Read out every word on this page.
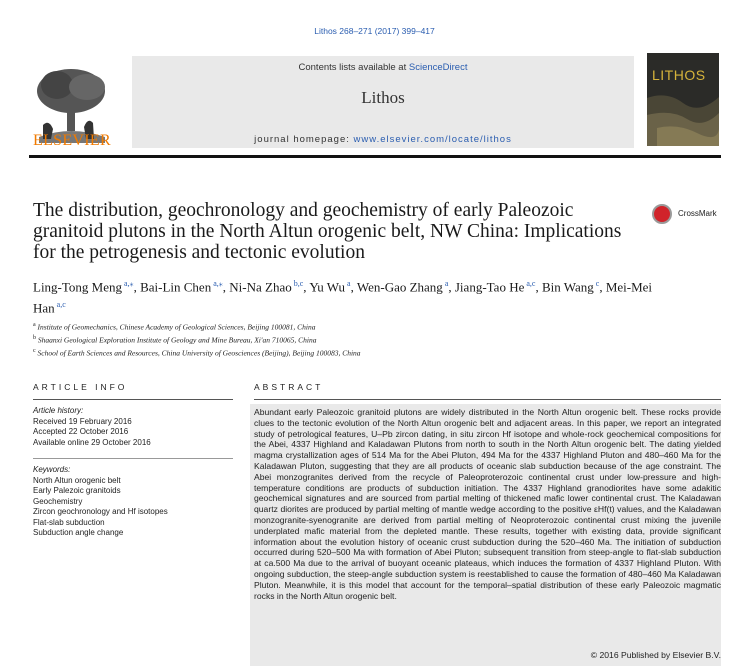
Lithos 268–271 (2017) 399–417
ELSEVIER
Contents lists available at ScienceDirect
Lithos
journal homepage: www.elsevier.com/locate/lithos
LITHOS
The distribution, geochronology and geochemistry of early Paleozoic granitoid plutons in the North Altun orogenic belt, NW China: Implications for the petrogenesis and tectonic evolution
CrossMark
Ling-Tong Meng $^{a,⁎}$, Bai-Lin Chen $^{a,⁎}$, Ni-Na Zhao $^{b,c}$, Yu Wu $^a$, Wen-Gao Zhang $^a$, Jiang-Tao He $^{a,c}$, Bin Wang $^c$, Mei-Mei Han $^{a,c}$
$^a$ Institute of Geomechanics, Chinese Academy of Geological Sciences, Beijing 100081, China
$^b$ Shaanxi Geological Exploration Institute of Geology and Mine Bureau, Xi'an 710065, China
$^c$ School of Earth Sciences and Resources, China University of Geosciences (Beijing), Beijing 100083, China
ARTICLE INFO	ABSTRACT
Article history:
Received 19 February 2016
Accepted 22 October 2016
Available online 29 October 2016
Keywords:
North Altun orogenic belt
Early Palezoic granitoids
Geochemistry
Zircon geochronology and Hf isotopes
Flat-slab subduction
Subduction angle change
Abundant early Paleozoic granitoid plutons are widely distributed in the North Altun orogenic belt. These rocks provide clues to the tectonic evolution of the North Altun orogenic belt and adjacent areas. In this paper, we report an integrated study of petrological features, U–Pb zircon dating, in situ zircon Hf isotope and whole-rock geochemical compositions for the Abei, 4337 Highland and Kaladawan Plutons from north to south in the North Altun orogenic belt. The dating yielded magma crystallization ages of 514 Ma for the Abei Pluton, 494 Ma for the 4337 Highland Pluton and 480–460 Ma for the Kaladawan Pluton, suggesting that they are all products of oceanic slab subduction because of the age constraint. The Abei monzogranites derived from the recycle of Paleoproterozoic continental crust under low-pressure and high-temperature conditions are products of subduction initiation. The 4337 Highland granodiorites have some adakitic geochemical signatures and are sourced from partial melting of thickened mafic lower continental crust. The Kaladawan quartz diorites are produced by partial melting of mantle wedge according to the positive εHf(t) values, and the Kaladawan monzogranite-syenogranite are derived from partial melting of Neoproterozoic continental crust mixing the juvenile underplated mafic material from the depleted mantle. These results, together with existing data, provide significant information about the evolution history of oceanic crust subduction during the 520–460 Ma. The initiation of subduction occurred during 520–500 Ma with formation of Abei Pluton; subsequent transition from steep-angle to flat-slab subduction at ca.500 Ma due to the arrival of buoyant oceanic plateaus, which induces the formation of 4337 Highland Pluton. With ongoing subduction, the steep-angle subduction system is reestablished to cause the formation of 480–460 Ma Kaladawan Pluton. Meanwhile, it is this model that account for the temporal–spatial distribution of these early Paleozoic magmatic rocks in the North Altun orogenic belt.
© 2016 Published by Elsevier B.V.
